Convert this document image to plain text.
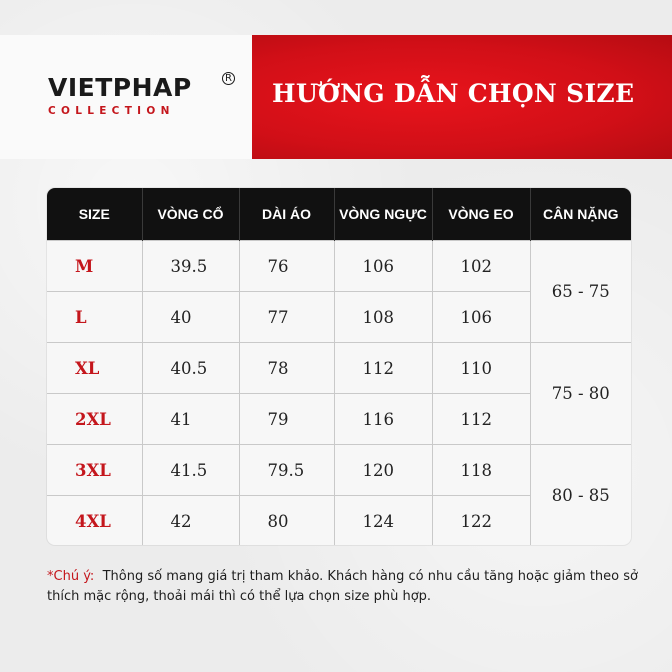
VIETPHAP	R
COLLECTION
HƯỚNG DẪN CHỌN SIZE
SIZE	VÒNG CỔ	DÀI ÁO	VÒNG NGỰC	VÒNG EO	CÂN NẶNG
M	39.5	76	106	102	65 - 75
L	40	77	108	106	
XL	40.5	78	112	110	75 - 80
2XL	41	79	116	112	
3XL	41.5	79.5	120	118	80 - 85
4XL	42	80	124	122	
*Chú ý: Thông số mang giá trị tham khảo. Khách hàng có nhu cầu tăng hoặc giảm theo sở thích mặc rộng, thoải mái thì có thể lựa chọn size phù hợp.
